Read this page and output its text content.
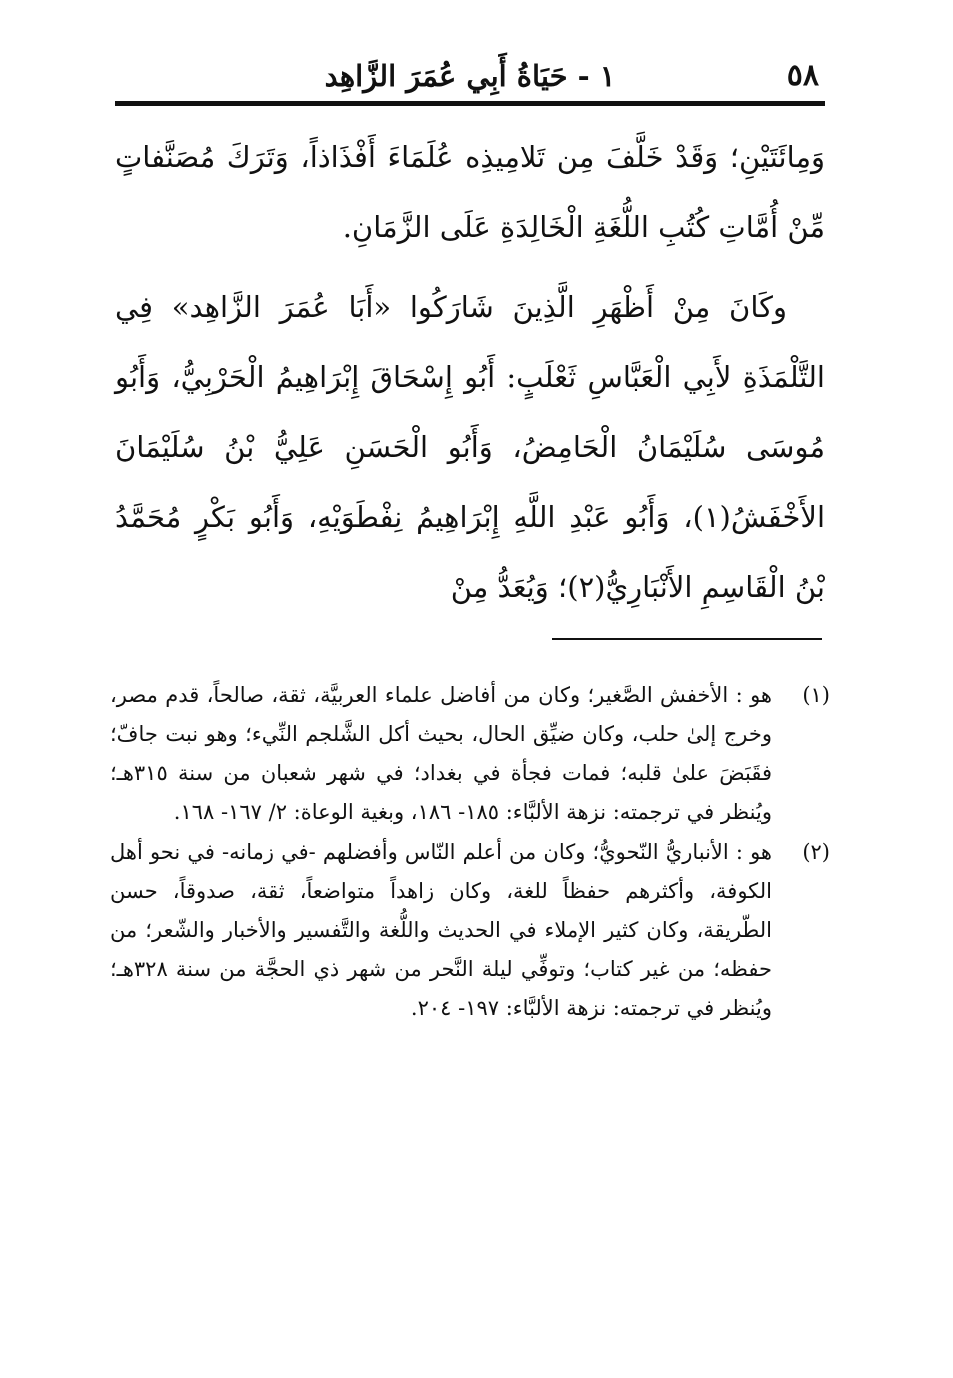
٥٨
١ - حَيَاةُ أَبِي عُمَرَ الزَّاهِد

وَمِائَتَيْنِ؛ وَقَدْ خَلَّفَ مِن تَلامِيذِه عُلَمَاءَ أَفْذَاذاً، وَتَرَكَ مُصَنَّفاتٍ مِّنْ أُمَّاتِ كُتُبِ اللُّغَةِ الْخَالِدَةِ عَلَى الزَّمَانِ.

وكَانَ مِنْ أَظْهَرِ الَّذِينَ شَارَكُوا «أَبَا عُمَرَ الزَّاهِد» فِي التَّلْمَذَةِ لأَبِي الْعَبَّاسِ ثَعْلَبٍ: أَبُو إِسْحَاقَ إِبْرَاهِيمُ الْحَرْبِيُّ، وَأَبُو مُوسَى سُلَيْمَانُ الْحَامِضُ، وَأَبُو الْحَسَنِ عَلِيُّ بْنُ سُلَيْمَانَ الأَخْفَشُ(١)، وَأَبُو عَبْدِ اللَّهِ إِبْرَاهِيمُ نِفْطَوَيْهِ، وَأَبُو بَكْرٍ مُحَمَّدُ بْنُ الْقَاسِمِ الأَنْبَارِيُّ(٢)؛ وَيُعَدُّ مِنْ

(١)
هو : الأخفش الصَّغير؛ وكان من أفاضل علماء العربيَّة، ثقة، صالحاً، قدم مصر، وخرج إلىٰ حلب، وكان ضيِّق الحال، بحيث أكل الشَّلجم النِّيء؛ وهو نبت جافّ؛ فقَبَضَ علىٰ قلبه؛ فمات فجأة في بغداد؛ في شهر شعبان من سنة ٣١٥هـ؛ ويُنظر في ترجمته: نزهة الألبَّاء: ١٨٥- ١٨٦، وبغية الوعاة: ٢/ ١٦٧- ١٦٨.
(٢)
هو : الأنباريُّ النّحويُّ؛ وكان من أعلم النّاس وأفضلهم -في زمانه- في نحو أهل الكوفة، وأكثرهم حفظاً للغة، وكان زاهداً متواضعاً، ثقة، صدوقاً، حسن الطّريقة، وكان كثير الإملاء في الحديث واللُّغة والتَّفسير والأخبار والشّعر؛ من حفظه؛ من غير كتاب؛ وتوفِّي ليلة النَّحر من شهر ذي الحجَّة من سنة ٣٢٨هـ؛ ويُنظر في ترجمته: نزهة الألبَّاء: ١٩٧- ٢٠٤.
